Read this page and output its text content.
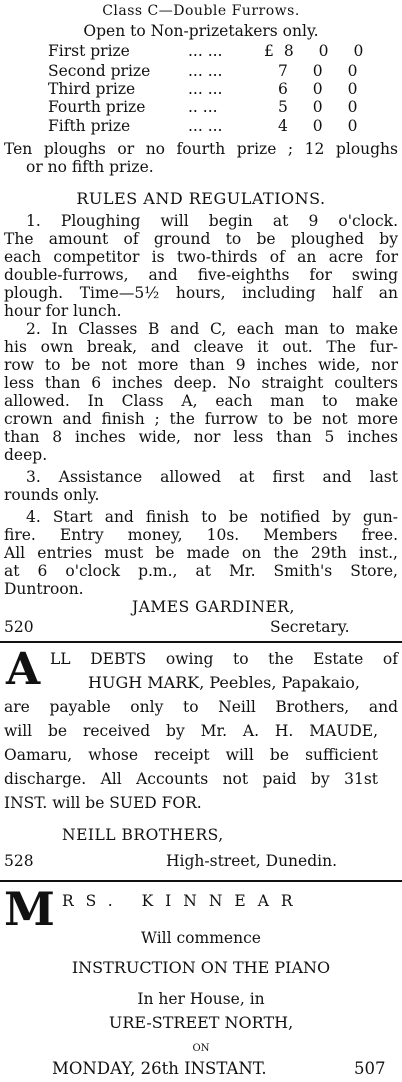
Class C—Double Furrows.
Open to Non-prizetakers only.
First prize	... ...	£8 0 0
Second prize ... ...	7 0 0
Third prize	... ...	6 0 0
Fourth prize	.. ...	5 0 0
Fifth prize	... ...	4 0 0
Ten ploughs or no fourth prize ; 12 ploughs
or no fifth prize.
RULES AND REGULATIONS.
1. Ploughing will begin at 9 o'clock.
The amount of ground to be ploughed by
each competitor is two-thirds of an acre for
double-furrows, and five-eighths for swing
plough. Time—5½ hours, including half an
hour for lunch.
2. In Classes B and C, each man to make
his own break, and cleave it out. The fur-
row to be not more than 9 inches wide, nor
less than 6 inches deep. No straight coulters
allowed. In Class A, each man to make
crown and finish ; the furrow to be not more
than 8 inches wide, nor less than 5 inches
deep.
3. Assistance allowed at first and last
rounds only.
4. Start and finish to be notified by gun-
fire. Entry money, 10s. Members free.
All entries must be made on the 29th inst.,
at 6 o'clock p.m., at Mr. Smith's Store,
Duntroon.
JAMES GARDINER,
520	Secretary.
A LL DEBTS owing to the Estate of
HUGH MARK, Peebles, Papakaio,
are payable only to Neill Brothers, and
will be received by Mr. A. H. MAUDE,
Oamaru, whose receipt will be sufficient
discharge. All Accounts not paid by 31st
INST. will be SUED FOR.
NEILL BROTHERS,
528	High-street, Dunedin.
M RS. KINNEAR
Will commence
INSTRUCTION ON THE PIANO
In her House, in
URE-STREET NORTH,
ON
MONDAY, 26th INSTANT.	507
